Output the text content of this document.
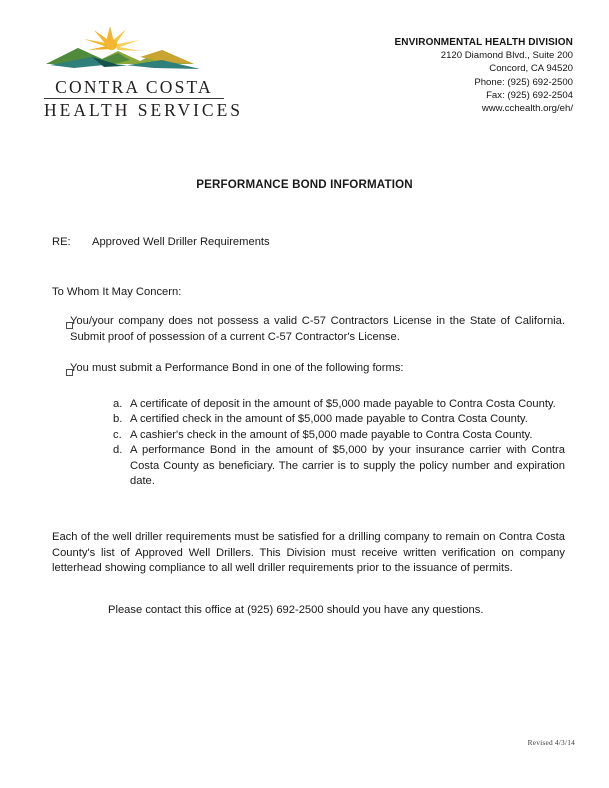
CONTRA COSTA
HEALTH SERVICES
ENVIRONMENTAL HEALTH DIVISION
2120 Diamond Blvd., Suite 200
Concord, CA 94520
Phone: (925) 692-2500
Fax: (925) 692-2504
www.cchealth.org/eh/
PERFORMANCE BOND INFORMATION
RE: Approved Well Driller Requirements
To Whom It May Concern:
You/your company does not possess a valid C-57 Contractors License in the State of California. Submit proof of possession of a current C-57 Contractor's License.
You must submit a Performance Bond in one of the following forms:
a. A certificate of deposit in the amount of $5,000 made payable to Contra Costa County.
b. A certified check in the amount of $5,000 made payable to Contra Costa County.
c. A cashier's check in the amount of $5,000 made payable to Contra Costa County.
d. A performance Bond in the amount of $5,000 by your insurance carrier with Contra Costa County as beneficiary. The carrier is to supply the policy number and expiration date.
Each of the well driller requirements must be satisfied for a drilling company to remain on Contra Costa County's list of Approved Well Drillers. This Division must receive written verification on company letterhead showing compliance to all well driller requirements prior to the issuance of permits.
Please contact this office at (925) 692-2500 should you have any questions.
Revised 4/3/14
